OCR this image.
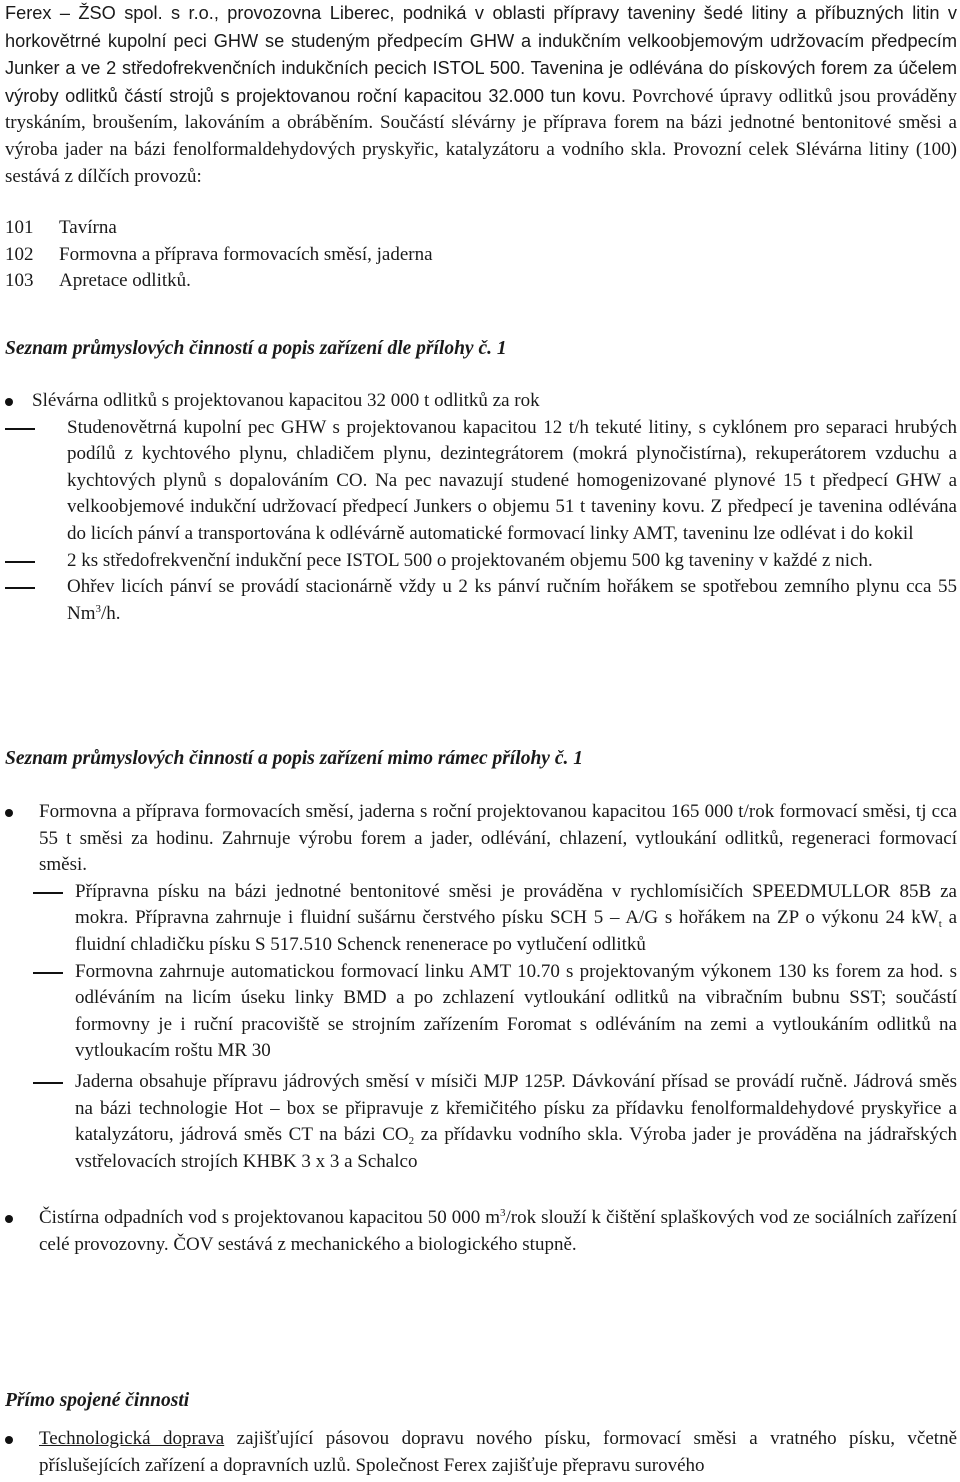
Ferex – ŽSO spol. s r.o., provozovna Liberec, podniká v oblasti přípravy taveniny šedé litiny a příbuzných litin v horkovětrné kupolní peci GHW se studeným předpecím GHW a indukčním velkoobjemovým udržovacím předpecím Junker a ve 2 středofrekvenčních indukčních pecich ISTOL 500. Tavenina je odlévána do pískových forem za účelem výroby odlitků částí strojů s projektovanou roční kapacitou 32.000 tun kovu. Povrchové úpravy odlitků jsou prováděny tryskáním, broušením, lakováním a obráběním. Součástí slévárny je příprava forem na bázi jednotné bentonitové směsi a výroba jader na bázi fenolformaldehydových pryskyřic, katalyzátoru a vodního skla. Provozní celek Slévárna litiny (100) sestává z dílčích provozů:

101	Tavírna
102	Formovna a příprava formovacích směsí, jaderna
103	Apretace odlitků.

Seznam průmyslových činností a popis zařízení dle přílohy č. 1

Slévárna odlitků s projektovanou kapacitou 32 000 t odlitků za rok
Studenovětrná kupolní pec GHW s projektovanou kapacitou 12 t/h tekuté litiny, s cyklónem pro separaci hrubých podílů z kychtového plynu, chladičem plynu, dezintegrátorem (mokrá plynočistírna), rekuperátorem vzduchu a kychtových plynů s dopalováním CO. Na pec navazují studené homogenizované plynové 15 t předpecí GHW a velkoobjemové indukční udržovací předpecí Junkers o objemu 51 t taveniny kovu. Z předpecí je tavenina odlévána do licích pánví a transportována k odlévárně automatické formovací linky AMT, taveninu lze odlévat i do kokil
2 ks středofrekvenční indukční pece ISTOL 500 o projektovaném objemu 500 kg taveniny v každé z nich.
Ohřev licích pánví se provádí stacionárně vždy u 2 ks pánví ručním hořákem se spotřebou zemního plynu cca 55 Nm$^3$/h.

Seznam průmyslových činností a popis zařízení mimo rámec přílohy č. 1

Formovna a příprava formovacích směsí, jaderna s roční projektovanou kapacitou 165 000 t/rok formovací směsi, tj cca 55 t směsi za hodinu. Zahrnuje výrobu forem a jader, odlévání, chlazení, vytloukání odlitků, regeneraci formovací směsi.
Přípravna písku na bázi jednotné bentonitové směsi je prováděna v rychlomísičích SPEEDMULLOR 85B za mokra. Přípravna zahrnuje i fluidní sušárnu čerstvého písku SCH 5 – A/G s hořákem na ZP o výkonu 24 $kW_t$ a fluidní chladičku písku S 517.510 Schenck renenerace po vytlučení odlitků
Formovna zahrnuje automatickou formovací linku AMT 10.70 s projektovaným výkonem 130 ks forem za hod. s odléváním na licím úseku linky BMD a po zchlazení vytloukání odlitků na vibračním bubnu SST; součástí formovny je i ruční pracoviště se strojním zařízením Foromat s odléváním na zemi a vytloukáním odlitků na vytloukacím roštu MR 30
Jaderna obsahuje přípravu jádrových směsí v mísiči MJP 125P. Dávkování přísad se provádí ručně. Jádrová směs na bázi technologie Hot – box se připravuje z křemičitého písku za přídavku fenolformaldehydové pryskyřice a katalyzátoru, jádrová směs CT na bázi $CO_2$ za přídavku vodního skla. Výroba jader je prováděna na jádrařských vstřelovacích strojích KHBK 3 x 3 a Schalco
Čistírna odpadních vod s projektovanou kapacitou 50 000 $m^3$/rok slouží k čištění splaškových vod ze sociálních zařízení celé provozovny. ČOV sestává z mechanického a biologického stupně.

Přímo spojené činnosti

Technologická doprava zajišťující pásovou dopravu nového písku, formovací směsi a vratného písku, včetně příslušejících zařízení a dopravních uzlů. Společnost Ferex zajišťuje přepravu surového
